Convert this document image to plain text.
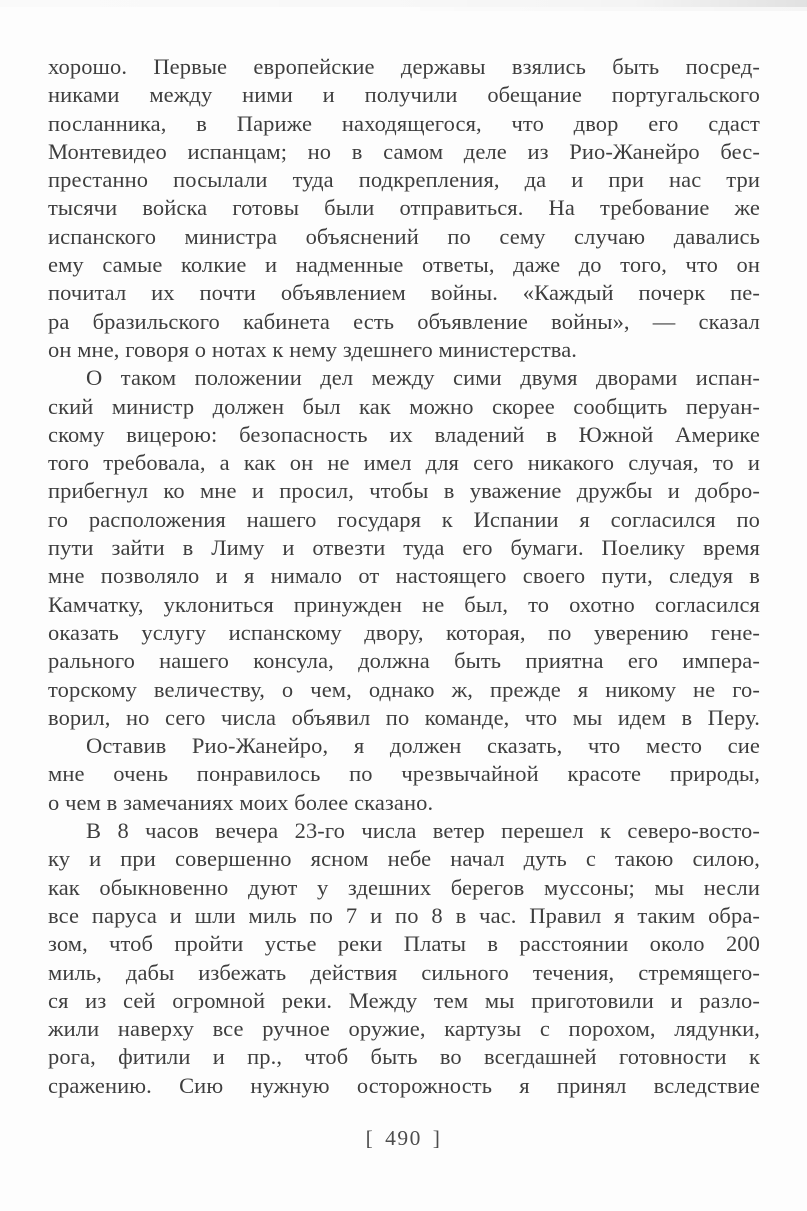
хорошо. Первые европейские державы взялись быть посред-
никами между ними и получили обещание португальского
посланника, в Париже находящегося, что двор его сдаст
Монтевидео испанцам; но в самом деле из Рио-Жанейро бес-
престанно посылали туда подкрепления, да и при нас три
тысячи войска готовы были отправиться. На требование же
испанского министра объяснений по сему случаю давались
ему самые колкие и надменные ответы, даже до того, что он
почитал их почти объявлением войны. «Каждый почерк пе-
ра бразильского кабинета есть объявление войны», — сказал
он мне, говоря о нотах к нему здешнего министерства.
О таком положении дел между сими двумя дворами испан-
ский министр должен был как можно скорее сообщить перуан-
скому вицерою: безопасность их владений в Южной Америке
того требовала, а как он не имел для сего никакого случая, то и
прибегнул ко мне и просил, чтобы в уважение дружбы и добро-
го расположения нашего государя к Испании я согласился по
пути зайти в Лиму и отвезти туда его бумаги. Поелику время
мне позволяло и я нимало от настоящего своего пути, следуя в
Камчатку, уклониться принужден не был, то охотно согласился
оказать услугу испанскому двору, которая, по уверению гене-
рального нашего консула, должна быть приятна его импера-
торскому величеству, о чем, однако ж, прежде я никому не го-
ворил, но сего числа объявил по команде, что мы идем в Перу.
Оставив Рио-Жанейро, я должен сказать, что место сие
мне очень понравилось по чрезвычайной красоте природы,
о чем в замечаниях моих более сказано.
В 8 часов вечера 23-го числа ветер перешел к северо-восто-
ку и при совершенно ясном небе начал дуть с такою силою,
как обыкновенно дуют у здешних берегов муссоны; мы несли
все паруса и шли миль по 7 и по 8 в час. Правил я таким обра-
зом, чтоб пройти устье реки Платы в расстоянии около 200
миль, дабы избежать действия сильного течения, стремящего-
ся из сей огромной реки. Между тем мы приготовили и разло-
жили наверху все ручное оружие, картузы с порохом, лядунки,
рога, фитили и пр., чтоб быть во всегдашней готовности к
сражению. Сию нужную осторожность я принял вследствие
[ 490 ]
